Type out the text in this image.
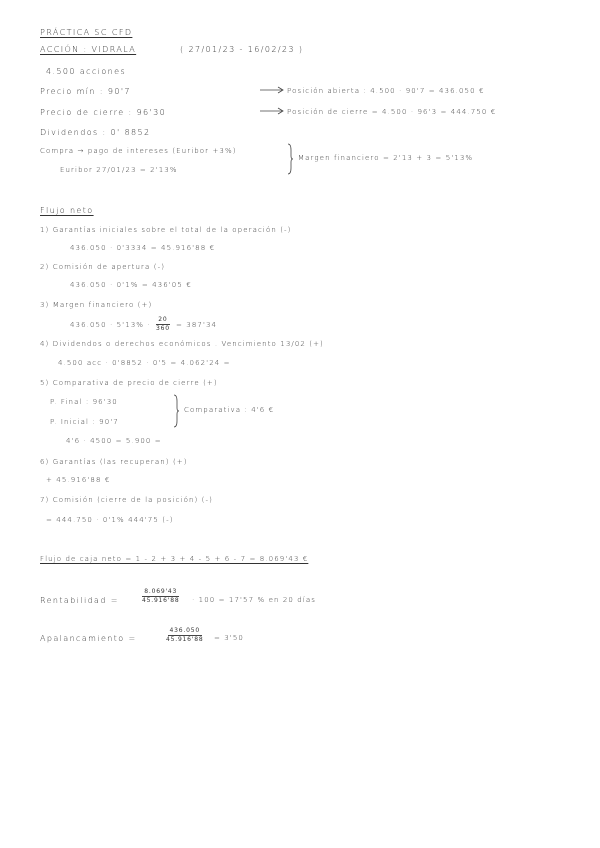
PRÁCTICA SC CFD
ACCIÓN : VIDRALA	( 27/01/23 - 16/02/23 )
4.500 acciones
Precio mín : 90'7	Posición abierta : 4.500 · 90'7 = 436.050 €
Precio de cierre : 96'30	Posición de cierre = 4.500 · 96'3 = 444.750 €
Dividendos : 0' 8852
Compra → pago de intereses (Euribor +3%)
Euribor 27/01/23 = 2'13%
Margen financiero = 2'13 + 3 = 5'13%
Flujo neto
1) Garantías iniciales sobre el total de la operación (-)
436.050 · 0'3334 = 45.916'88 €
2) Comisión de apertura (-)
436.050 · 0'1% = 436'05 €
3) Margen financiero (+)
$436.050 \cdot 5'13\% \cdot \frac{20}{360} = 387'34$
4) Dividendos o derechos económicos . Vencimiento 13/02 (+)
4.500 acc · 0'8852 · 0'5 = 4.062'24 =
5) Comparativa de precio de cierre (+)
P. Final : 96'30
P. Inicial : 90'7
Comparativa : 4'6 €
4'6 · 4500 = 5.900 =
6) Garantías (las recuperan) (+)
+ 45.916'88 €
7) Comisión (cierre de la posición) (-)
= 444.750 · 0'1% 444'75 (-)
Flujo de caja neto = 1 - 2 + 3 + 4 - 5 + 6 - 7 = 8.069'43 €
Rentabilidad =	$\frac{8.069'43}{45.916'88} \cdot 100 = 17'57$ % en 20 días
Apalancamiento =	$\frac{436.050}{45.916'88} = 3'50$
